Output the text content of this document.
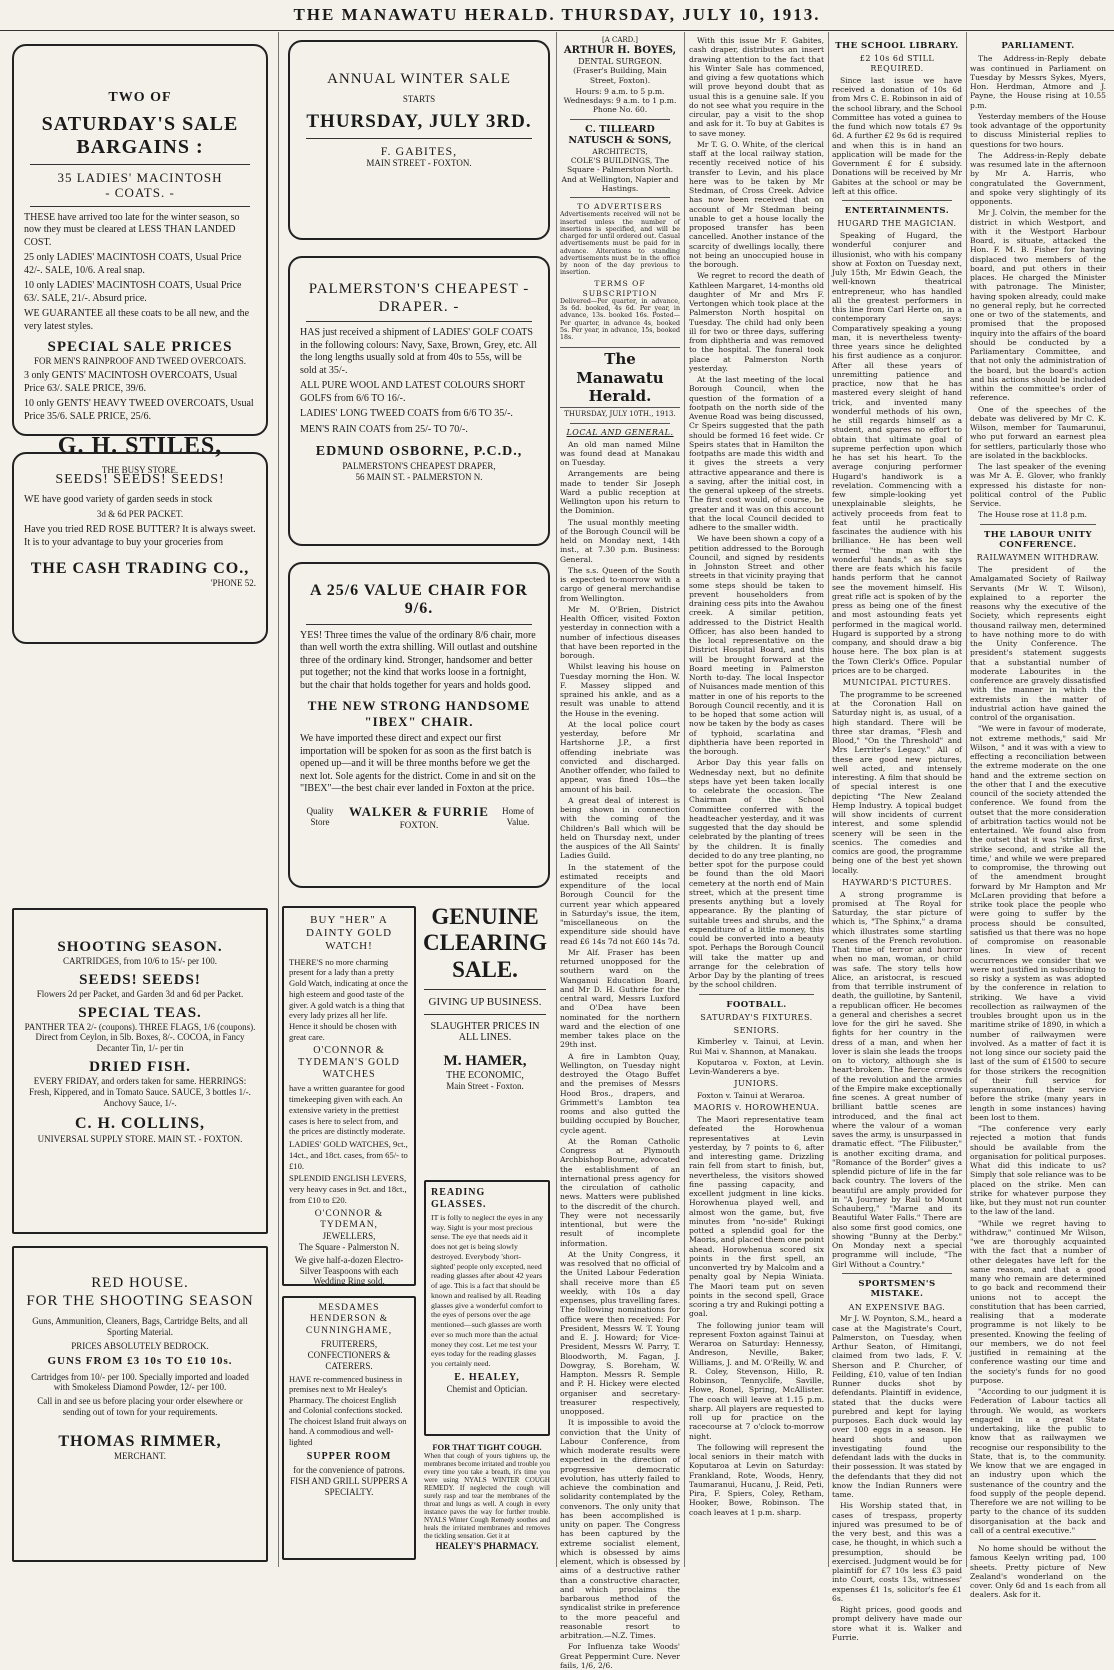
THE MANAWATU HERALD. THURSDAY, JULY 10, 1913.
TWO OF
SATURDAY'S SALE BARGAINS :
35 LADIES' MACINTOSH
- COATS. -
THESE have arrived too late for the winter season, so now they must be cleared at LESS THAN LANDED COST.
25 only LADIES' MACINTOSH COATS, Usual Price 42/-. SALE, 10/6. A real snap.
10 only LADIES' MACINTOSH COATS, Usual Price 63/. SALE, 21/-. Absurd price.
WE GUARANTEE all these coats to be all new, and the very latest styles.
SPECIAL SALE PRICES
FOR MEN'S RAINPROOF AND TWEED OVERCOATS.
3 only GENTS' MACINTOSH OVERCOATS, Usual Price 63/. SALE PRICE, 39/6.
10 only GENTS' HEAVY TWEED OVERCOATS, Usual Price 35/6. SALE PRICE, 25/6.
G. H. STILES,
THE BUSY STORE.
SEEDS! SEEDS! SEEDS!
WE have good variety of garden seeds in stock
3d & 6d PER PACKET.
Have you tried RED ROSE BUTTER? It is always sweet. It is to your advantage to buy your groceries from
THE CASH TRADING CO.,
'PHONE 52.
SHOOTING SEASON.
CARTRIDGES, from 10/6 to 15/- per 100.
SEEDS! SEEDS!
Flowers 2d per Packet, and Garden 3d and 6d per Packet.
SPECIAL TEAS.
PANTHER TEA 2/- (coupons). THREE FLAGS, 1/6 (coupons). Direct from Ceylon, in 5lb. Boxes, 8/-. COCOA, in Fancy Decanter Tin, 1/- per tin
DRIED FISH.
EVERY FRIDAY, and orders taken for same. HERRINGS: Fresh, Kippered, and in Tomato Sauce. SAUCE, 3 bottles 1/-. Anchovy Sauce, 1/-.
C. H. COLLINS,
UNIVERSAL SUPPLY STORE. MAIN ST. - FOXTON.
RED HOUSE.
FOR THE SHOOTING SEASON
Guns, Ammunition, Cleaners, Bags, Cartridge Belts, and all Sporting Material.
PRICES ABSOLUTELY BEDROCK.
GUNS FROM £3 10s TO £10 10s.
Cartridges from 10/- per 100. Specially imported and loaded with Smokeless Diamond Powder, 12/- per 100.
Call in and see us before placing your order elsewhere or sending out of town for your requirements.
THOMAS RIMMER,
MERCHANT.
ANNUAL WINTER SALE
STARTS
THURSDAY, JULY 3RD.
F. GABITES,
MAIN STREET - FOXTON.
PALMERSTON'S CHEAPEST - DRAPER. -
HAS just received a shipment of LADIES' GOLF COATS in the following colours: Navy, Saxe, Brown, Grey, etc. All the long lengths usually sold at from 40s to 55s, will be sold at 35/-.
ALL PURE WOOL AND LATEST COLOURS SHORT GOLFS from 6/6 TO 16/-.
LADIES' LONG TWEED COATS from 6/6 TO 35/-.
MEN'S RAIN COATS from 25/- TO 70/-.
EDMUND OSBORNE, P.C.D.,
PALMERSTON'S CHEAPEST DRAPER,
56 MAIN ST. - PALMERSTON N.
A 25/6 VALUE CHAIR FOR 9/6.
YES! Three times the value of the ordinary 8/6 chair, more than well worth the extra shilling. Will outlast and outshine three of the ordinary kind. Stronger, handsomer and better put together; not the kind that works loose in a fortnight, but the chair that holds together for years and holds good.
THE NEW STRONG HANDSOME "IBEX" CHAIR.
We have imported these direct and expect our first importation will be spoken for as soon as the first batch is opened up—and it will be three months before we get the next lot. Sole agents for the district. Come in and sit on the "IBEX"—the best chair ever landed in Foxton at the price.
Quality Store
WALKER & FURRIE
FOXTON.
Home of Value.
BUY "HER" A DAINTY GOLD WATCH!
THERE'S no more charming present for a lady than a pretty Gold Watch, indicating at once the high esteem and good taste of the giver. A gold watch is a thing that every lady prizes all her life. Hence it should be chosen with great care.
O'CONNOR & TYDEMAN'S GOLD WATCHES
have a written guarantee for good timekeeping given with each. An extensive variety in the prettiest cases is here to select from, and the prices are distinctly moderate.
LADIES' GOLD WATCHES, 9ct., 14ct., and 18ct. cases, from 65/- to £10.
SPLENDID ENGLISH LEVERS, very heavy cases in 9ct. and 18ct., from £10 to £20.
O'CONNOR & TYDEMAN,
JEWELLERS,
The Square - Palmerston N.
We give half-a-dozen Electro-Silver Teaspoons with each Wedding Ring sold.
GENUINE CLEARING SALE.
GIVING UP BUSINESS.
SLAUGHTER PRICES IN ALL LINES.
M. HAMER,
THE ECONOMIC,
Main Street - Foxton.
READING GLASSES.
IT is folly to neglect the eyes in any way. Sight is your most precious sense. The eye that needs aid it does not get is being slowly destroyed. Everybody 'short-sighted' people only excepted, need reading glasses after about 42 years of age. This is a fact that should be known and realised by all. Reading glasses give a wonderful comfort to the eyes of persons over the age mentioned—such glasses are worth ever so much more than the actual money they cost. Let me test your eyes today for the reading glasses you certainly need.
E. HEALEY,
Chemist and Optician.
MESDAMES HENDERSON & CUNNINGHAME,
FRUITERERS, CONFECTIONERS & CATERERS.
HAVE re-commenced business in premises next to Mr Healey's Pharmacy. The choicest English and Colonial confections stocked. The choicest Island fruit always on hand. A commodious and well-lighted
SUPPER ROOM
for the convenience of patrons. FISH AND GRILL SUPPERS A SPECIALTY.
FOR THAT TIGHT COUGH.
When that cough of yours tightens up, the membranes become irritated and trouble you every time you take a breath, it's time you were using NYALS WINTER COUGH REMEDY. If neglected the cough will surely rasp and tear the membranes of the throat and lungs as well. A cough in every instance paves the way for further trouble. NYALS Winter Cough Remedy soothes and heals the irritated membranes and removes the tickling sensation. Get it at
HEALEY'S PHARMACY.
[A CARD.]
ARTHUR H. BOYES,
DENTAL SURGEON.
(Fraser's Building, Main Street, Foxton).
Hours: 9 a.m. to 5 p.m. Wednesdays: 9 a.m. to 1 p.m. Phone No. 60.
C. TILLEARD NATUSCH & SONS,
ARCHITECTS,
COLE'S BUILDINGS, The Square - Palmerston North. And at Wellington, Napier and Hastings.
TO ADVERTISERS
Advertisements received will not be inserted unless the number of insertions is specified, and will be charged for until ordered out. Casual advertisements must be paid for in advance. Alterations to standing advertisements must be in the office by noon of the day previous to insertion.
TERMS OF SUBSCRIPTION
Delivered—Per quarter, in advance, 3s 6d. booked, 4s 6d. Per year, in advance, 13s. booked 16s. Posted—Per quarter, in advance 4s, booked 5s. Per year, in advance, 15s, booked 18s.
The Manawatu Herald.
THURSDAY, JULY 10TH., 1913.
LOCAL AND GENERAL.

An old man named Milne was found dead at Manakau on Tuesday.

Arrangements are being made to tender Sir Joseph Ward a public reception at Wellington upon his return to the Dominion.

The usual monthly meeting of the Borough Council will be held on Monday next, 14th inst., at 7.30 p.m. Business: General.

The s.s. Queen of the South is expected to-morrow with a cargo of general merchandise from Wellington.

Mr M. O'Brien, District Health Officer, visited Foxton yesterday in connection with a number of infectious diseases that have been reported in the borough.

Whilst leaving his house on Tuesday morning the Hon. W. F. Massey slipped and sprained his ankle, and as a result was unable to attend the House in the evening.

At the local police court yesterday, before Mr Hartshorne J.P., a first offending inebriate was convicted and discharged. Another offender, who failed to appear, was fined 10s—the amount of his bail.

A great deal of interest is being shown in connection with the coming of the Children's Ball which will be held on Thursday next, under the auspices of the All Saints' Ladies Guild.

In the statement of the estimated receipts and expenditure of the local Borough Council for the current year which appeared in Saturday's issue, the item, "miscellaneous on the expenditure side should have read £6 14s 7d not £60 14s 7d.

Mr Alf. Fraser has been returned unopposed for the southern ward on the Wanganui Education Board, and Mr D. H. Guthrie for the central ward, Messrs Luxford and O'Dea have been nominated for the northern ward and the election of one member takes place on the 29th inst.

A fire in Lambton Quay, Wellington, on Tuesday night destroyed the Otago Buffet and the premises of Messrs Hood Bros., drapers, and Grimmett's Lambton tea rooms and also gutted the building occupied by Boucher, cycle agent.

At the Roman Catholic Congress at Plymouth Archbishop Bourne, advocated the establishment of an international press agency for the circulation of catholic news. Matters were published to the discredit of the church. They were not necessarily intentional, but were the result of incomplete information.

At the Unity Congress, it was resolved that no official of the United Labour Federation shall receive more than £5 weekly, with 10s a day expenses, plus travelling fares. The following nominations for office were then received: For President, Messrs W. T. Young and E. J. Howard; for Vice-President, Messrs W. Parry, T. Bloodworth, M. Fagan, J. Dowgray, S. Boreham, W. Hampton. Messrs R. Semple and P. H. Hickey were elected organiser and secretary-treasurer respectively, unopposed.

It is impossible to avoid the conviction that the Unity of Labour Conference, from which moderate results were expected in the direction of progressive democratic evolution, has utterly failed to achieve the combination and solidarity contemplated by the convenors. The only unity that has been accomplished is unity on paper. The Congress has been captured by the extreme socialist element, which is obsessed by aims element, which is obsessed by aims of a destructive rather than a constructive character, and which proclaims the barbarous method of the syndicalist strike in preference to the more peaceful and reasonable resort to arbitration.—N.Z. Times.

For Influenza take Woods' Great Peppermint Cure. Never fails, 1/6, 2/6.

With this issue Mr F. Gabites, cash draper, distributes an insert drawing attention to the fact that his Winter Sale has commenced, and giving a few quotations which will prove beyond doubt that as usual this is a genuine sale. If you do not see what you require in the circular, pay a visit to the shop and ask for it. To buy at Gabites is to save money.

Mr T. G. O. White, of the clerical staff at the local railway station, recently received notice of his transfer to Levin, and his place here was to be taken by Mr Stedman, of Cross Creek. Advice has now been received that on account of Mr Stedman being unable to get a house locally the proposed transfer has been cancelled. Another instance of the scarcity of dwellings locally, there not being an unoccupied house in the borough.

We regret to record the death of Kathleen Margaret, 14-months old daughter of Mr and Mrs F. Vertongen which took place at the Palmerston North hospital on Tuesday. The child had only been ill for two or three days, suffering from diphtheria and was removed to the hospital. The funeral took place at Palmerston North yesterday.

At the last meeting of the local Borough Council, when the question of the formation of a footpath on the north side of the Avenue Road was being discussed, Cr Speirs suggested that the path should be formed 16 feet wide. Cr Speirs states that in Hamilton the footpaths are made this width and it gives the streets a very attractive appearance and there is a saving, after the initial cost, in the general upkeep of the streets. The first cost would, of course, be greater and it was on this account that the local Council decided to adhere to the smaller width.

We have been shown a copy of a petition addressed to the Borough Council, and signed by residents in Johnston Street and other streets in that vicinity praying that some steps should be taken to prevent householders from draining cess pits into the Awahou creek. A similar petition, addressed to the District Health Officer, has also been handed to the local representative on the District Hospital Board, and this will be brought forward at the Board meeting in Palmerston North to-day. The local Inspector of Nuisances made mention of this matter in one of his reports to the Borough Council recently, and it is to be hoped that some action will now be taken by the body as cases of typhoid, scarlatina and diphtheria have been reported in the borough.

Arbor Day this year falls on Wednesday next, but no definite steps have yet been taken locally to celebrate the occasion. The Chairman of the School Committee conferred with the headteacher yesterday, and it was suggested that the day should be celebrated by the planting of trees by the children. It is finally decided to do any tree planting, no better spot for the purpose could be found than the old Maori cemetery at the north end of Main street, which at the present time presents anything but a lovely appearance. By the planting of suitable trees and shrubs, and the expenditure of a little money, this could be converted into a beauty spot. Perhaps the Borough Council will take the matter up and arrange for the celebration of Arbor Day by the planting of trees by the school children.

FOOTBALL.
SATURDAY'S FIXTURES.
SENIORS.

Kimberley v. Tainui, at Levin. Rui Mai v. Shannon, at Manakau.

Koputaroa v. Foxton, at Levin. Levin-Wanderers a bye.

JUNIORS.

Foxton v. Tainui at Weraroa.

MAORIS v. HOROWHENUA.

The Maori representative team defeated the Horowhenua representatives at Levin yesterday, by 7 points to 6, after and interesting game. Drizzling rain fell from start to finish, but, nevertheless, the visitors showed fine passing capacity, and excellent judgment in line kicks. Horowhenua played well, and almost won the game, but, five minutes from "no-side" Rukingi potted a splendid goal for the Maoris, and placed them one point ahead. Horowhenua scored six points in the first spell, an unconverted try by Malcolm and a penalty goal by Nepia Winiata. The Maori team put on seven points in the second spell, Grace scoring a try and Rukingi potting a goal.

The following junior team will represent Foxton against Tainui at Weraroa on Saturday: Hennessy, Andreson, Neville, Baker, Williams, J. and M. O'Reilly, W. and R. Coley, Stevenson, Hillo, R. Robinson, Tennyclife, Saville, Howe, Ronel, Spring, McAllister. The coach will leave at 1.15 p.m. sharp. All players are requested to roll up for practice on the racecourse at 7 o'clock to-morrow night.

The following will represent the local seniors in their match with Koputaroa at Levin on Saturday: Frankland, Rote, Woods, Henry, Taumaranui, Hucanu, J. Reid, Peti, Pira, F. Spiers, Coley, Retham, Hooker, Bowe, Robinson. The coach leaves at 1 p.m. sharp.

THE SCHOOL LIBRARY.
£2 10s 6d STILL REQUIRED.

Since last issue we have received a donation of 10s 6d from Mrs C. E. Robinson in aid of the school library, and the School Committee has voted a guinea to the fund which now totals £7 9s 6d. A further £2 9s 6d is required and when this is in hand an application will be made for the Government £ for £ subsidy. Donations will be received by Mr Gabites at the school or may be left at this office.

ENTERTAINMENTS.
HUGARD THE MAGICIAN.

Speaking of Hugard, the wonderful conjurer and illusionist, who with his company show at Foxton on Tuesday next, July 15th, Mr Edwin Geach, the well-known theatrical entrepreneur, who has handled all the greatest performers in this line from Carl Herte on, in a contemporary says: Comparatively speaking a young man, it is nevertheless twenty-three years since he delighted his first audience as a conjuror. After all these years of unremitting patience and practice, now that he has mastered every sleight of hand trick, and invented many wonderful methods of his own, he still regards himself as a student, and spares no effort to obtain that ultimate goal of supreme perfection upon which he has set his heart. To the average conjuring performer Hugard's handiwork is a revelation. Commencing with a few simple-looking yet unexplainable sleights, he actively proceeds from feat to feat until he practically fascinates the audience with his brilliance. He has been well termed "the man with the wonderful hands," as he says there are feats which his facile hands perform that he cannot see the movement himself. His great rifle act is spoken of by the press as being one of the finest and most astounding feats yet performed in the magical world. Hugard is supported by a strong company, and should draw a big house here. The box plan is at the Town Clerk's Office. Popular prices are to be charged.

MUNICIPAL PICTURES.

The programme to be screened at the Coronation Hall on Saturday night is, as usual, of a high standard. There will be three star dramas, "Flesh and Blood," "On the Threshold" and Mrs Lerriter's Legacy." All of these are good new pictures, well acted, and intensely interesting. A film that should be of special interest is one depicting "The New Zealand Hemp Industry. A topical budget will show incidents of current interest, and some splendid scenery will be seen in the scenics. The comedies and comics are good, the programme being one of the best yet shown locally.

HAYWARD'S PICTURES.

A strong programme is promised at The Royal for Saturday, the star picture of which is, "The Sphinx," a drama which illustrates some startling scenes of the French revolution. That time of terror and horror when no man, woman, or child was safe. The story tells how Alice, an aristocrat, is rescued from that terrible instrument of death, the guillotine, by Santenil, a republican officer. He becomes a general and cherishes a secret love for the girl he saved. She fights for her country in the dress of a man, and when her lover is slain she leads the troops on to victory, although she is heart-broken. The fierce crowds of the revolution and the armies of the Empire make exceptionally fine scenes. A great number of brilliant battle scenes are introduced, and the final act where the valour of a woman saves the army, is unsurpassed in dramatic effect. "The Filibuster," is another exciting drama, and "Romance of the Border" gives a splendid picture of life in the far back country. The lovers of the beautiful are amply provided for in "A Journey by Rail to Mount Schauberg," "Marne and its Beautiful Water Falls." There are also some first good comics, one showing "Bunny at the Derby." On Monday next a special programme will include, "The Girl Without a Country."

SPORTSMEN'S MISTAKE.
AN EXPENSIVE BAG.

Mr J. W. Poynton, S.M., heard a case at the Magistrate's Court, Palmerston, on Tuesday, when Arthur Seaton, of Himitangi, claimed from two lads, F. V. Sherson and P. Churcher, of Feilding, £10, value of ten Indian Runner ducks shot by defendants. Plaintiff in evidence, stated that the ducks were purebred and kept for laying purposes. Each duck would lay over 100 eggs in a season. He heard shots and upon investigating found the defendant lads with the ducks in their possession. It was stated by the defendants that they did not know the Indian Runners were tame.

His Worship stated that, in cases of trespass, property injured was presumed to be of the very best, and this was a case, he thought, in which such a presumption, should be exercised. Judgment would be for plaintiff for £7 10s less £3 paid into Court, costs 13s, witnesses' expenses £1 1s, solicitor's fee £1 6s.

Right prices, good goods and prompt delivery have made our store what it is. Walker and Furrie.

PARLIAMENT.

The Address-in-Reply debate was continued in Parliament on Tuesday by Messrs Sykes, Myers, Hon. Herdman, Atmore and J. Payne, the House rising at 10.55 p.m.

Yesterday members of the House took advantage of the opportunity to discuss Ministerial replies to questions for two hours.

The Address-in-Reply debate was resumed late in the afternoon by Mr A. Harris, who congratulated the Government, and spoke very slightingly of its opponents.

Mr J. Colvin, the member for the district in which Westport, and with it the Westport Harbour Board, is situate, attacked the Hon. F. M. B. Fisher for having displaced two members of the board, and put others in their places. He charged the Minister with patronage. The Minister, having spoken already, could make no general reply, but he corrected one or two of the statements, and promised that the proposed inquiry into the affairs of the board should be conducted by a Parliamentary Committee, and that not only the administration of the board, but the board's action and his actions should be included within the committee's order of reference.

One of the speeches of the debate was delivered by Mr C. K. Wilson, member for Taumarunui, who put forward an earnest plea for settlers, particularly those who are isolated in the backblocks.

The last speaker of the evening was Mr A. E. Glover, who frankly expressed his distaste for non-political control of the Public Service.

The House rose at 11.8 p.m.

THE LABOUR UNITY CONFERENCE.
RAILWAYMEN WITHDRAW.

The president of the Amalgamated Society of Railway Servants (Mr W. T. Wilson), explained to a reporter the reasons why the executive of the Society, which represents eight thousand railway men, determined to have nothing more to do with the Unity Conference. The president's statement suggests that a substantial number of moderate Labourites in the conference are gravely dissatisfied with the manner in which the extremists in the matter of industrial action have gained the control of the organisation.

"We were in favour of moderate, not extreme methods," said Mr Wilson, " and it was with a view to effecting a reconciliation between the extreme moderate on the one hand and the extreme section on the other that I and the executive council of the society attended the conference. We found from the outset that the more consideration of arbitration tactics would not be entertained. We found also from the outset that it was 'strike first, strike second, and strike all the time,' and while we were prepared to compromise, the throwing out of the amendment brought forward by Mr Hampton and Mr McLaren providing that before a strike took place the people who were going to suffer by the process should be consulted, satisfied us that there was no hope of compromise on reasonable lines. In view of recent occurrences we consider that we were not justified in subscribing to so risky a system as was adopted by the conference in relation to striking. We have a vivid recollection as railwaymen of the troubles brought upon us in the maritime strike of 1890, in which a number of railwaymen were involved. As a matter of fact it is not long since our society paid the last of the sum of £1500 to secure for those strikers the recognition of their full service for superannuation, their service before the strike (many years in length in some instances) having been lost to them.

"The conference very early rejected a motion that funds should be available from the organisation for political purposes. What did this indicate to us? Simply that sole reliance was to be placed on the strike. Men can strike for whatever purpose they like, but they must not run counter to the law of the land.

"While we regret having to withdraw," continued Mr Wilson, "we are thoroughly acquainted with the fact that a number of other delegates have left for the same reason, and that a good many who remain are determined to go back and recommend their unions not to accept the constitution that has been carried, realising that a moderate programme is not likely to be presented. Knowing the feeling of our members, we do not feel justified in remaining at the conference wasting our time and the society's funds for no good purpose.

"According to our judgment it is Federation of Labour tactics all through. We would, as workers engaged in a great State undertaking, like the public to know that as railwaymen we recognise our responsibility to the State, that is, to the community. We know that we are engaged in an industry upon which the sustenance of the country and the food supply of the people depend. Therefore we are not willing to be party to the chance of its sudden disorganisation at the back and call of a central executive."

No home should be without the famous Keelyn writing pad, 100 sheets. Pretty picture of New Zealand's wonderland on the cover. Only 6d and 1s each from all dealers. Ask for it.
